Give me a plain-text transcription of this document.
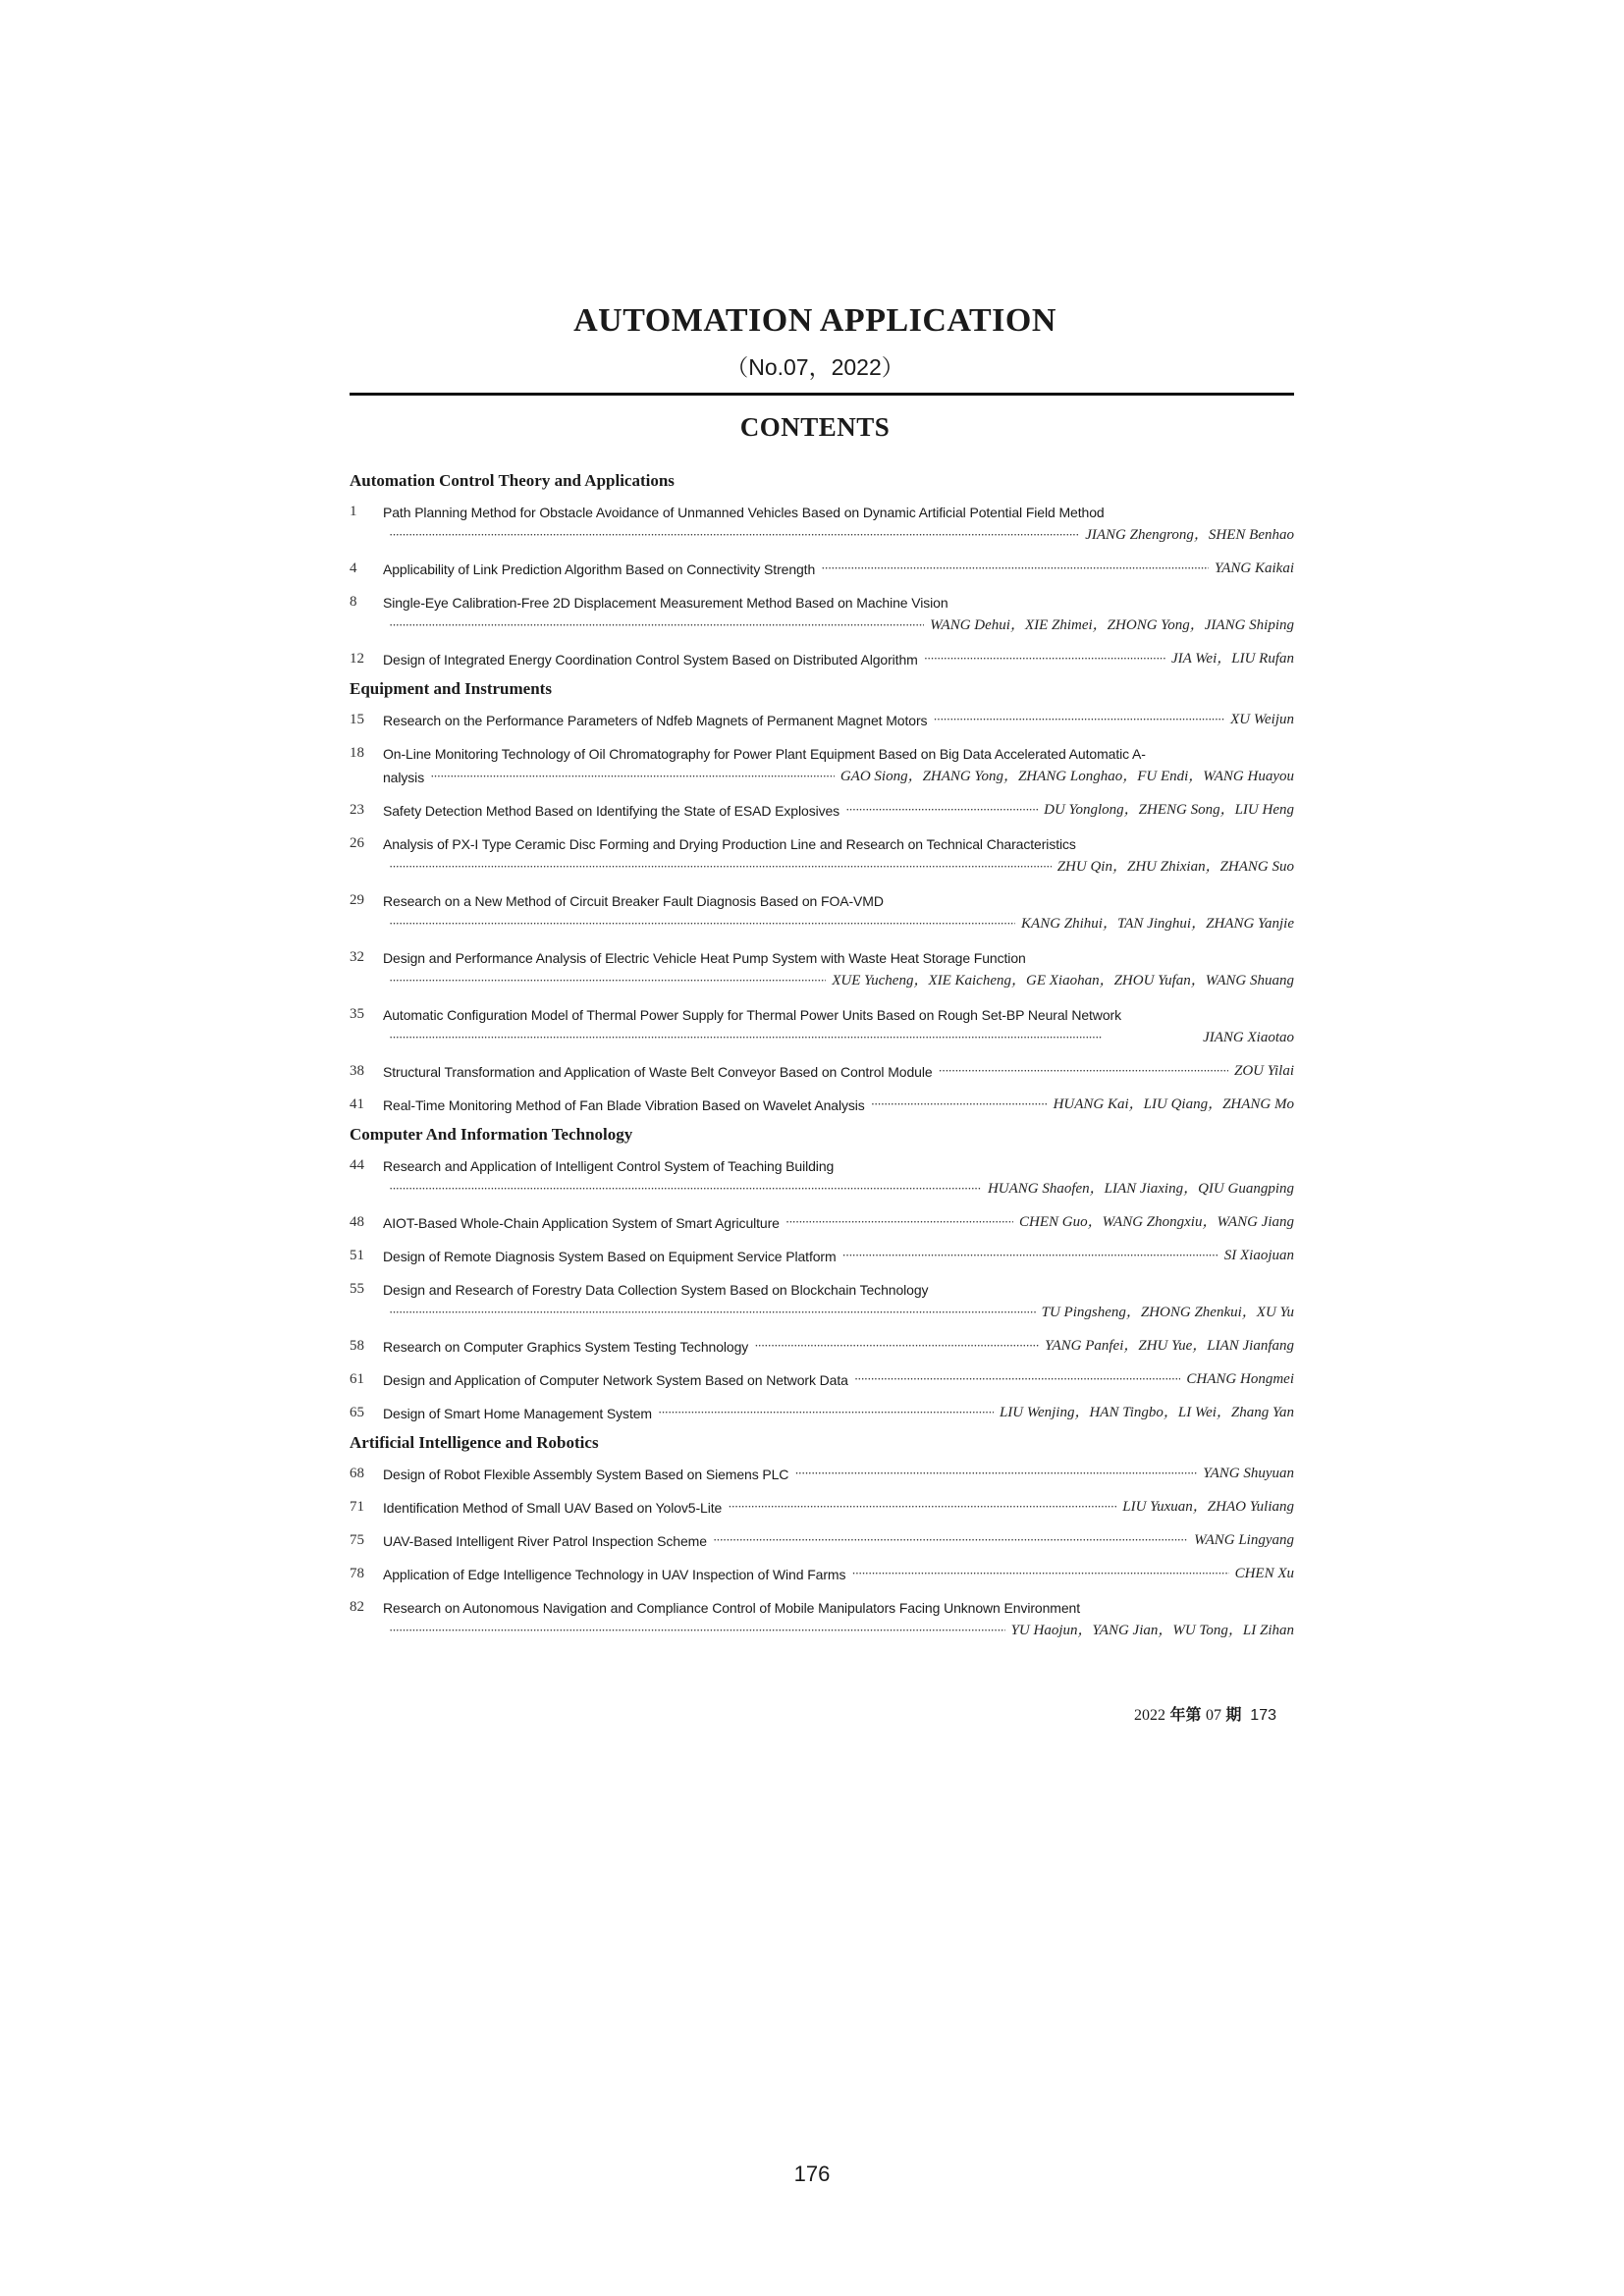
AUTOMATION APPLICATION
（No.07，2022）
CONTENTS
Automation Control Theory and Applications
1	Path Planning Method for Obstacle Avoidance of Unmanned Vehicles Based on Dynamic Artificial Potential Field Method
·····
JIANG Zhengrong，SHEN Benhao
4	Applicability of Link Prediction Algorithm Based on Connectivity Strength ·····	YANG Kaikai
8	Single-Eye Calibration-Free 2D Displacement Measurement Method Based on Machine Vision
·····
WANG Dehui，XIE Zhimei，ZHONG Yong，JIANG Shiping
12	Design of Integrated Energy Coordination Control System Based on Distributed Algorithm ·····	JIA Wei，LIU Rufan
Equipment and Instruments
15	Research on the Performance Parameters of Ndfeb Magnets of Permanent Magnet Motors ·····	XU Weijun
18	On-Line Monitoring Technology of Oil Chromatography for Power Plant Equipment Based on Big Data Accelerated Automatic A-
nalysis ·····	GAO Siong，ZHANG Yong，ZHANG Longhao，FU Endi，WANG Huayou
23	Safety Detection Method Based on Identifying the State of ESAD Explosives ·····	DU Yonglong，ZHENG Song，LIU Heng
26	Analysis of PX-I Type Ceramic Disc Forming and Drying Production Line and Research on Technical Characteristics
·····
ZHU Qin，ZHU Zhixian，ZHANG Suo
29	Research on a New Method of Circuit Breaker Fault Diagnosis Based on FOA-VMD
·····
KANG Zhihui，TAN Jinghui，ZHANG Yanjie
32	Design and Performance Analysis of Electric Vehicle Heat Pump System with Waste Heat Storage Function
·····
XUE Yucheng，XIE Kaicheng，GE Xiaohan，ZHOU Yufan，WANG Shuang
35	Automatic Configuration Model of Thermal Power Supply for Thermal Power Units Based on Rough Set-BP Neural Network
·····
JIANG Xiaotao
38	Structural Transformation and Application of Waste Belt Conveyor Based on Control Module ·····	ZOU Yilai
41	Real-Time Monitoring Method of Fan Blade Vibration Based on Wavelet Analysis ·····	HUANG Kai，LIU Qiang，ZHANG Mo
Computer And Information Technology
44	Research and Application of Intelligent Control System of Teaching Building
·····
HUANG Shaofen，LIAN Jiaxing，QIU Guangping
48	AIOT-Based Whole-Chain Application System of Smart Agriculture ·····	CHEN Guo，WANG Zhongxiu，WANG Jiang
51	Design of Remote Diagnosis System Based on Equipment Service Platform ·····	SI Xiaojuan
55	Design and Research of Forestry Data Collection System Based on Blockchain Technology
·····
TU Pingsheng，ZHONG Zhenkui，XU Yu
58	Research on Computer Graphics System Testing Technology ·····	YANG Panfei，ZHU Yue，LIAN Jianfang
61	Design and Application of Computer Network System Based on Network Data ·····	CHANG Hongmei
65	Design of Smart Home Management System ·····	LIU Wenjing，HAN Tingbo，LI Wei，Zhang Yan
Artificial Intelligence and Robotics
68	Design of Robot Flexible Assembly System Based on Siemens PLC ·····	YANG Shuyuan
71	Identification Method of Small UAV Based on Yolov5-Lite ·····	LIU Yuxuan，ZHAO Yuliang
75	UAV-Based Intelligent River Patrol Inspection Scheme ·····	WANG Lingyang
78	Application of Edge Intelligence Technology in UAV Inspection of Wind Farms ·····	CHEN Xu
82	Research on Autonomous Navigation and Compliance Control of Mobile Manipulators Facing Unknown Environment
·····
YU Haojun，YANG Jian，WU Tong，LI Zihan
2022 年第 07 期 173
176
